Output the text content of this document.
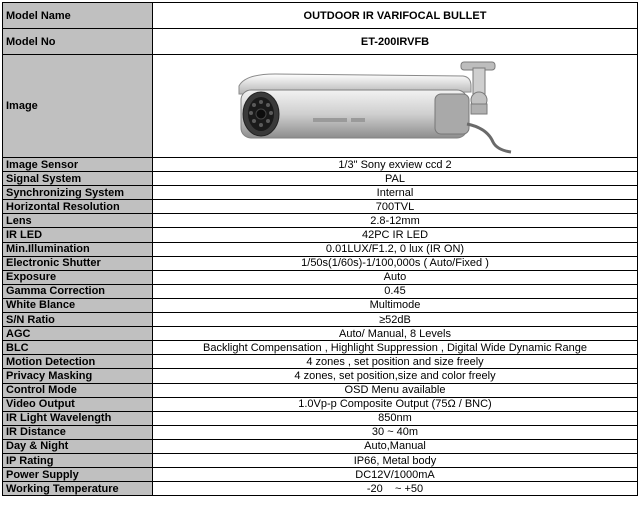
Model Name	OUTDOOR IR VARIFOCAL BULLET
Model No	ET-200IRVFB
Image	

Image Sensor	1/3" Sony exview ccd 2
Signal System	PAL
Synchronizing System	Internal
Horizontal Resolution	700TVL
Lens	2.8-12mm
IR LED	42PC IR LED
Min.Illumination	0.01LUX/F1.2, 0 lux (IR ON)
Electronic Shutter	1/50s(1/60s)-1/100,000s ( Auto/Fixed )
Exposure	Auto
Gamma Correction	0.45
White Blance	Multimode
S/N Ratio	≥52dB
AGC	Auto/ Manual, 8 Levels
BLC	Backlight Compensation , Highlight Suppression , Digital Wide Dynamic Range
Motion Detection	4 zones , set position and size freely
Privacy Masking	4 zones, set position,size and color freely
Control Mode	OSD Menu available
Video Output	1.0Vp-p Composite Output (75Ω / BNC)
IR Light Wavelength	850nm
IR Distance	30 ~ 40m
Day & Night	Auto,Manual
IP Rating	IP66, Metal body
Power Supply	DC12V/1000mA
Working Temperature	-20    ~ +50
